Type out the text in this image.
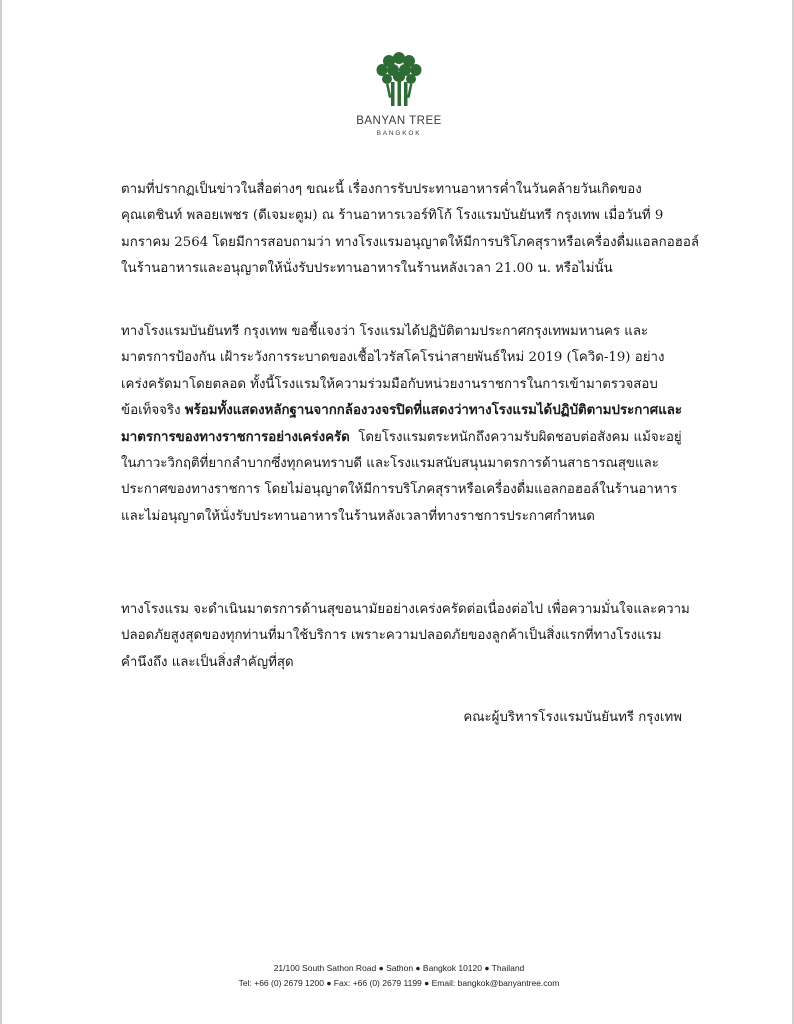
BANYAN TREE
BANGKOK

ตามที่ปรากฏเป็นข่าวในสื่อต่างๆ ขณะนี้ เรื่องการรับประทานอาหารค่ำในวันคล้ายวันเกิดของ
คุณเตชินท์ พลอยเพชร (ดีเจมะตูม) ณ ร้านอาหารเวอร์ทิโก้ โรงแรมบันยันทรี กรุงเทพ เมื่อวันที่ 9
มกราคม 2564 โดยมีการสอบถามว่า ทางโรงแรมอนุญาตให้มีการบริโภคสุราหรือเครื่องดื่มแอลกอฮอล์
ในร้านอาหารและอนุญาตให้นั่งรับประทานอาหารในร้านหลังเวลา 21.00 น. หรือไม่นั้น

ทางโรงแรมบันยันทรี กรุงเทพ ขอชี้แจงว่า โรงแรมได้ปฏิบัติตามประกาศกรุงเทพมหานคร และ
มาตรการป้องกัน เฝ้าระวังการระบาดของเชื้อไวรัสโคโรน่าสายพันธ์ใหม่ 2019 (โควิด-19) อย่าง
เคร่งครัดมาโดยตลอด ทั้งนี้โรงแรมให้ความร่วมมือกับหน่วยงานราชการในการเข้ามาตรวจสอบ
ข้อเท็จจริง พร้อมทั้งแสดงหลักฐานจากกล้องวงจรปิดที่แสดงว่าทางโรงแรมได้ปฏิบัติตามประกาศและ
มาตรการของทางราชการอย่างเคร่งครัด  โดยโรงแรมตระหนักถึงความรับผิดชอบต่อสังคม แม้จะอยู่
ในภาวะวิกฤติที่ยากลำบากซึ่งทุกคนทราบดี และโรงแรมสนับสนุนมาตรการด้านสาธารณสุขและ
ประกาศของทางราชการ โดยไม่อนุญาตให้มีการบริโภคสุราหรือเครื่องดื่มแอลกอฮอล์ในร้านอาหาร
และไม่อนุญาตให้นั่งรับประทานอาหารในร้านหลังเวลาที่ทางราชการประกาศกำหนด

ทางโรงแรม จะดำเนินมาตรการด้านสุขอนามัยอย่างเคร่งครัดต่อเนื่องต่อไป เพื่อความมั่นใจและความ
ปลอดภัยสูงสุดของทุกท่านที่มาใช้บริการ เพราะความปลอดภัยของลูกค้าเป็นสิ่งแรกที่ทางโรงแรม
คำนึงถึง และเป็นสิ่งสำคัญที่สุด

คณะผู้บริหารโรงแรมบันยันทรี กรุงเทพ

21/100 South Sathon Road ● Sathon ● Bangkok 10120 ● Thailand
Tel: +66 (0) 2679 1200 ● Fax: +66 (0) 2679 1199 ● Email: bangkok@banyantree.com
